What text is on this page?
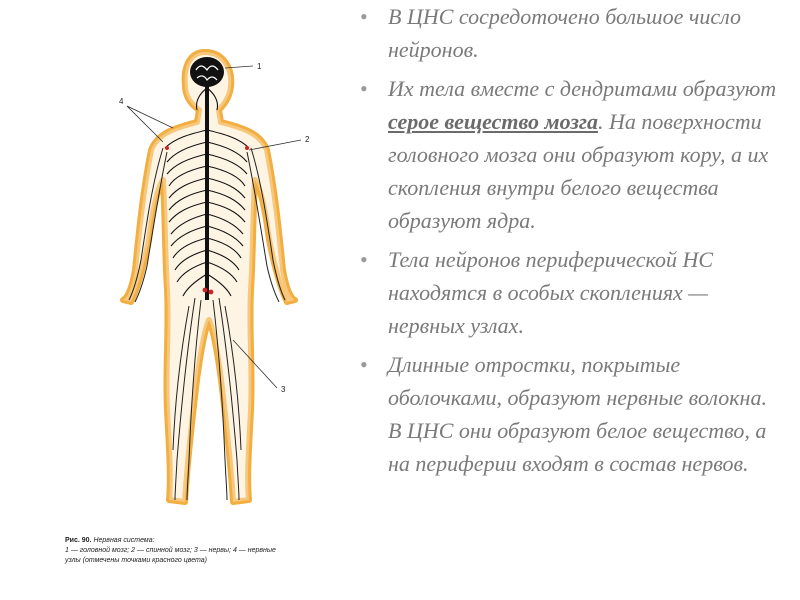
1
2
3
4
Рис. 90. Нервная система:
1 — головной мозг; 2 — спинной мозг; 3 — нервы; 4 — нервные
узлы (отмечены точками красного цвета)
• В ЦНС сосредоточено большое число нейронов.
• Их тела вместе с дендритами образуют серое вещество мозга. На поверхности головного мозга они образуют кору, а их скопления внутри белого вещества образуют ядра.
• Тела нейронов периферической НС находятся в особых скоплениях — нервных узлах.
• Длинные отростки, покрытые оболочками, образуют нервные волокна. В ЦНС они образуют белое вещество, а на периферии входят в состав нервов.
